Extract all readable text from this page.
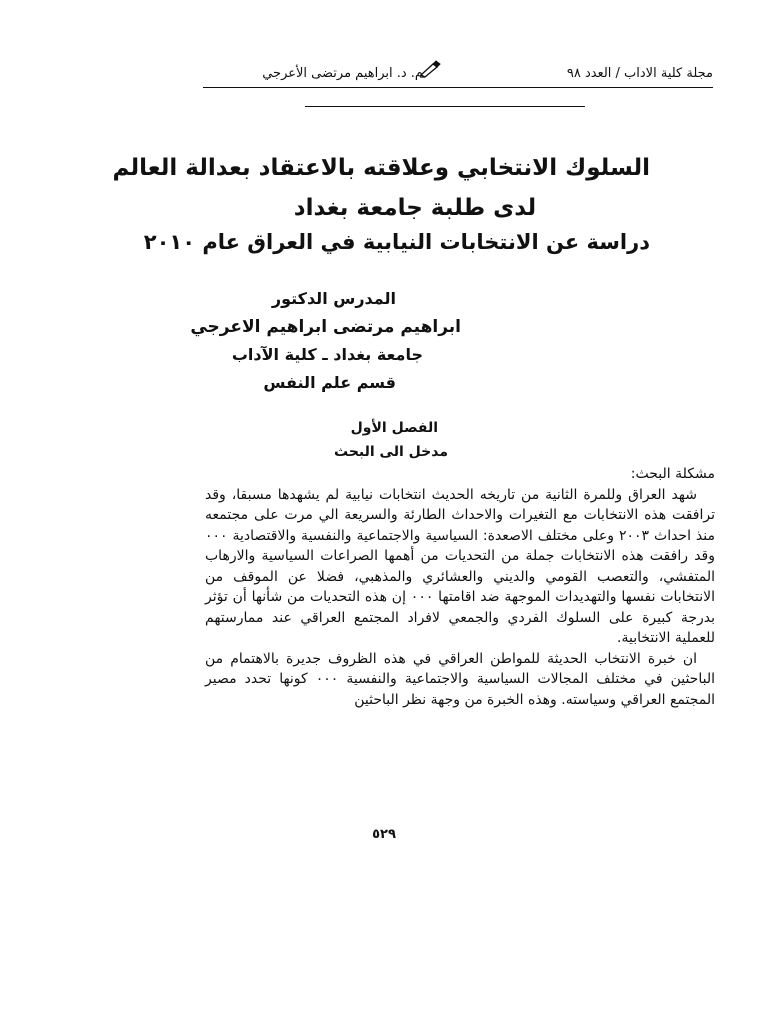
مجلة كلية الاداب / العدد ٩٨
م. د. ابراهيم مرتضى الأعرجي
السلوك الانتخابي وعلاقته بالاعتقاد بعدالة العالم
لدى طلبة جامعة بغداد
دراسة عن الانتخابات النيابية في العراق عام ٢٠١٠
المدرس الدكتور
ابراهيم مرتضى ابراهيم الاعرجي
جامعة بغداد ـ كلية الآداب
قسم علم النفس
الفصل الأول
مدخل الى البحث
مشكلة البحث:

شهد العراق وللمرة الثانية من تاريخه الحديث انتخابات نيابية لم يشهدها مسبقا، وقد ترافقت هذه الانتخابات مع التغيرات والاحداث الطارئة والسريعة الي مرت على مجتمعه منذ احداث ٢٠٠٣ وعلى مختلف الاصعدة: السياسية والاجتماعية والنفسية والاقتصادية ٠٠٠ وقد رافقت هذه الانتخابات جملة من التحديات من أهمها الصراعات السياسية والارهاب المتفشي، والتعصب القومي والديني والعشائري والمذهبي، فضلا عن الموقف من الانتخابات نفسها والتهديدات الموجهة ضد اقامتها ٠٠٠ إن هذه التحديات من شأنها أن تؤثر بدرجة كبيرة على السلوك الفردي والجمعي لافراد المجتمع العراقي عند ممارستهم للعملية الانتخابية.

ان خبرة الانتخاب الحديثة للمواطن العراقي في هذه الظروف جديرة بالاهتمام من الباحثين في مختلف المجالات السياسية والاجتماعية والنفسية ٠٠٠ كونها تحدد مصير المجتمع العراقي وسياسته. وهذه الخبرة من وجهة نظر الباحثين

٥٢٩
